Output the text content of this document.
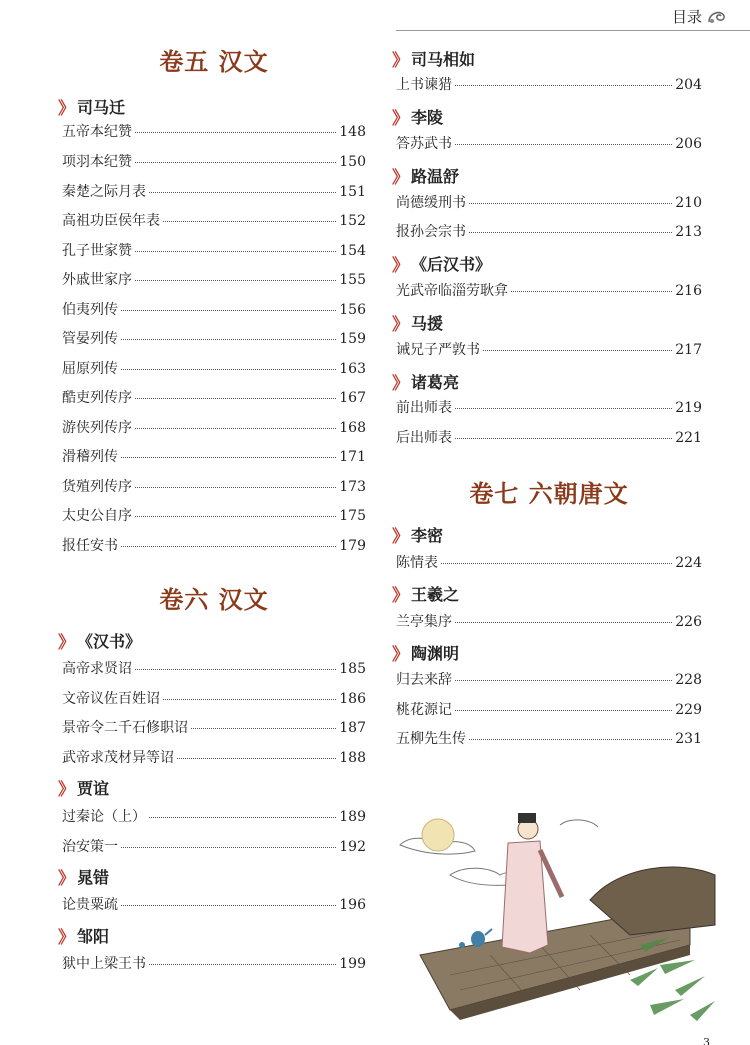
目录
卷五 汉文
》 司马迁
五帝本纪赞	148
项羽本纪赞	150
秦楚之际月表	151
高祖功臣侯年表	152
孔子世家赞	154
外戚世家序	155
伯夷列传	156
管晏列传	159
屈原列传	163
酷吏列传序	167
游侠列传序	168
滑稽列传	171
货殖列传序	173
太史公自序	175
报任安书	179
卷六 汉文
》 《汉书》
高帝求贤诏	185
文帝议佐百姓诏	186
景帝令二千石修职诏	187
武帝求茂材异等诏	188
》 贾谊
过秦论（上）	189
治安策一	192
》 晁错
论贵粟疏	196
》 邹阳
狱中上梁王书	199
》 司马相如
上书谏猎	204
》 李陵
答苏武书	206
》 路温舒
尚德缓刑书	210
报孙会宗书	213
》 《后汉书》
光武帝临淄劳耿弇	216
》 马援
诫兄子严敦书	217
》 诸葛亮
前出师表	219
后出师表	221
卷七 六朝唐文
》 李密
陈情表	224
》 王羲之
兰亭集序	226
》 陶渊明
归去来辞	228
桃花源记	229
五柳先生传	231
3
